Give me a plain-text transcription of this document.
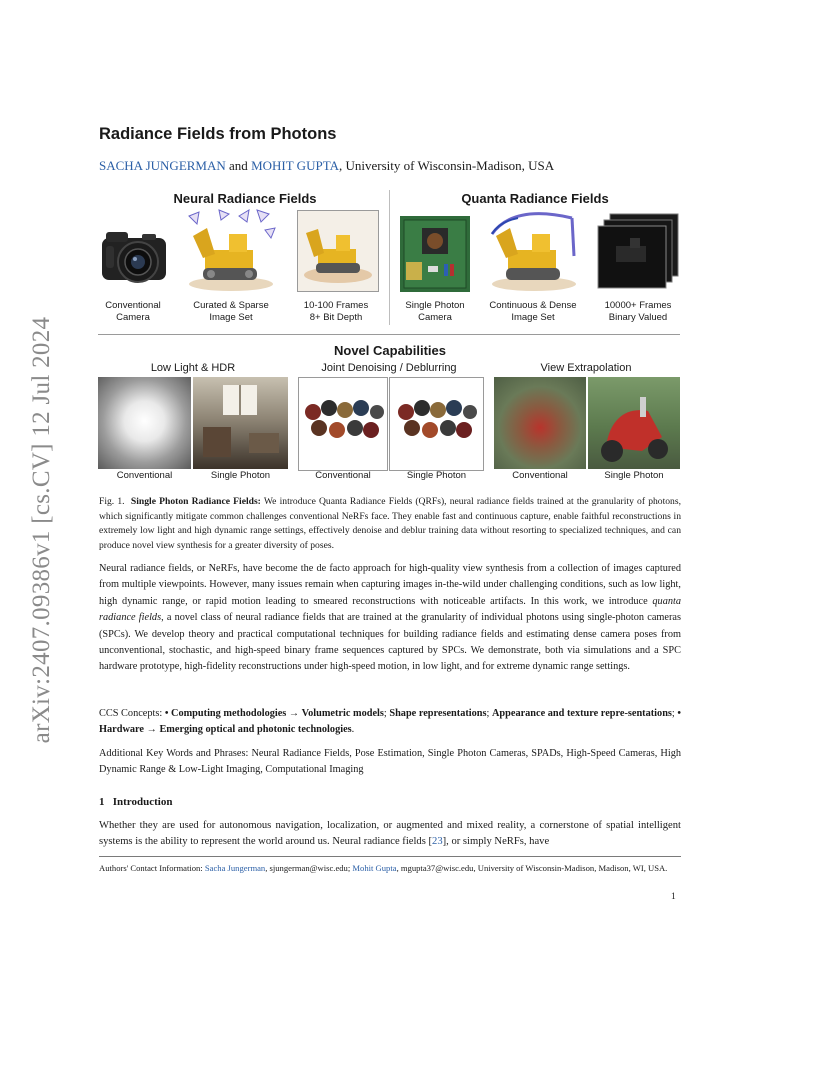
arXiv:2407.09386v1 [cs.CV] 12 Jul 2024
Radiance Fields from Photons
SACHA JUNGERMAN and MOHIT GUPTA, University of Wisconsin-Madison, USA
Neural Radiance Fields	Quanta Radiance Fields
Conventional
Camera
Curated & Sparse
Image Set
10-100 Frames
8+ Bit Depth
Single Photon
Camera
Continuous & Dense
Image Set
10000+ Frames
Binary Valued
Novel Capabilities
Low Light & HDR	Joint Denoising / Deblurring	View Extrapolation
Conventional	Single Photon	Conventional	Single Photon	Conventional	Single Photon
Fig. 1. Single Photon Radiance Fields: We introduce Quanta Radiance Fields (QRFs), neural radiance fields trained at the granularity of photons, which significantly mitigate common challenges conventional NeRFs face. They enable fast and continuous capture, enable faithful reconstructions in extremely low light and high dynamic range settings, effectively denoise and deblur training data without resorting to specialized techniques, and can produce novel view synthesis for a greater diversity of poses.
Neural radiance fields, or NeRFs, have become the de facto approach for high-quality view synthesis from a collection of images captured from multiple viewpoints. However, many issues remain when capturing images in-the-wild under challenging conditions, such as low light, high dynamic range, or rapid motion leading to smeared reconstructions with noticeable artifacts. In this work, we introduce quanta radiance fields, a novel class of neural radiance fields that are trained at the granularity of individual photons using single-photon cameras (SPCs). We develop theory and practical computational techniques for building radiance fields and estimating dense camera poses from unconventional, stochastic, and high-speed binary frame sequences captured by SPCs. We demonstrate, both via simulations and a SPC hardware prototype, high-fidelity reconstructions under high-speed motion, in low light, and for extreme dynamic range settings.
CCS Concepts: • Computing methodologies → Volumetric models; Shape representations; Appearance and texture repre-sentations; • Hardware → Emerging optical and photonic technologies.
Additional Key Words and Phrases: Neural Radiance Fields, Pose Estimation, Single Photon Cameras, SPADs, High-Speed Cameras, High Dynamic Range & Low-Light Imaging, Computational Imaging
1 Introduction
Whether they are used for autonomous navigation, localization, or augmented and mixed reality, a cornerstone of spatial intelligent systems is the ability to represent the world around us. Neural radiance fields [23], or simply NeRFs, have
Authors' Contact Information: Sacha Jungerman, sjungerman@wisc.edu; Mohit Gupta, mgupta37@wisc.edu, University of Wisconsin-Madison, Madison, WI, USA.
1
